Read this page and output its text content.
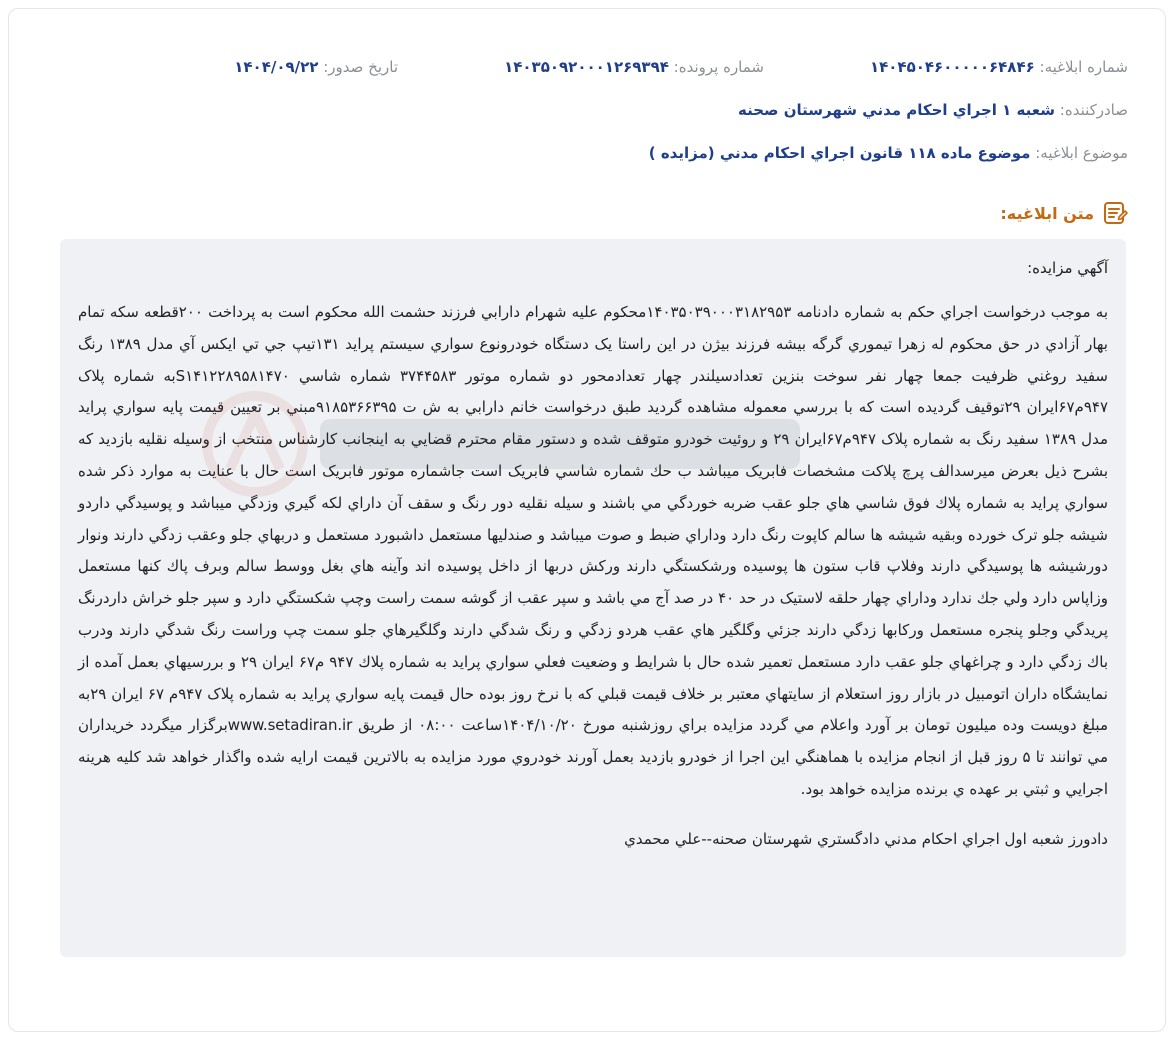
شماره ابلاغيه: ۱۴۰۴۵۰۴۶۰۰۰۰۰۶۴۸۴۶
شماره پرونده: ۱۴۰۳۵۰۹۲۰۰۰۱۲۶۹۳۹۴
تاريخ صدور: ۱۴۰۴/۰۹/۲۲
صادرکننده: شعبه ۱ اجراي احکام مدني شهرستان صحنه
موضوع ابلاغيه: موضوع ماده ۱۱۸ قانون اجراي احکام مدني (مزايده )
متن ابلاغيه:
آگهي مزايده:

به موجب درخواست اجراي حکم به شماره دادنامه ۱۴۰۳۵۰۳۹۰۰۰۳۱۸۲۹۵۳محکوم عليه شهرام دارابي فرزند حشمت الله محکوم است به پرداخت ۲۰۰قطعه سکه تمام بهار آزادي در حق محکوم له زهرا تيموري گرگه بيشه فرزند بيژن در اين راستا يک دستگاه خودرونوع سواري سيستم پرايد ۱۳۱تيپ جي تي ايکس آي مدل ۱۳۸۹ رنگ سفيد روغني ظرفيت جمعا چهار نفر سوخت بنزين تعدادسيلندر چهار تعدادمحور دو شماره موتور ۳۷۴۴۵۸۳ شماره شاسي S۱۴۱۲۲۸۹۵۸۱۴۷۰به شماره پلاک ۹۴۷م۶۷ايران ۲۹توقيف گرديده است که با بررسي معموله مشاهده گرديد طبق درخواست خانم دارابي به ش ت ۹۱۸۵۳۶۶۳۹۵مبني بر تعيين قيمت پايه سواري پرايد مدل ۱۳۸۹ سفيد رنگ به شماره پلاک ۹۴۷م۶۷ايران ۲۹ و روئيت خودرو متوقف شده و دستور مقام محترم قضايي به اينجانب کارشناس منتخب از وسيله نقليه بازديد که بشرح ذيل بعرض ميرسدالف پرچ پلاکت مشخصات فابريک ميباشد ب حك شماره شاسي فابريک است جاشماره موتور فابريک است حال با عنايت به موارد ذکر شده سواري پرايد به شماره پلاك فوق شاسي هاي جلو عقب ضربه خوردگي مي باشند و سيله نقليه دور رنگ و سقف آن داراي لکه گيري وزدگي ميباشد و پوسيدگي داردو شيشه جلو ترک خورده وبقيه شيشه ها سالم کاپوت رنگ دارد وداراي ضبط و صوت ميباشد و صندليها مستعمل داشبورد مستعمل و دربهاي جلو وعقب زدگي دارند ونوار دورشيشه ها پوسيدگي دارند وفلاپ قاب ستون ها پوسيده ورشکستگي دارند ورکش دربها از داخل پوسيده اند وآينه هاي بغل ووسط سالم وبرف پاك كنها مستعمل وزاپاس دارد ولي جك ندارد وداراي چهار حلقه لاستيک در حد ۴۰ در صد آج مي باشد و سپر عقب از گوشه سمت راست وچپ شکستگي دارد و سپر جلو خراش داردرنگ پريدگي وجلو پنجره مستعمل ورکابها زدگي دارند جزئي وگلگير هاي عقب هردو زدگي و رنگ شدگي دارند وگلگيرهاي جلو سمت چپ وراست رنگ شدگي دارند ودرب باك زدگي دارد و چراغهاي جلو عقب دارد مستعمل تعمير شده حال با شرايط و وضعيت فعلي سواري پرايد به شماره پلاك ۹۴۷ م۶۷ ايران ۲۹ و بررسيهاي بعمل آمده از نمايشگاه داران اتومبيل در بازار روز استعلام از سايتهاي معتبر بر خلاف قيمت قبلي كه با نرخ روز بوده حال قيمت پايه سواري پرايد به شماره پلاک ۹۴۷م ۶۷ ايران ۲۹به مبلغ دويست وده ميليون تومان بر آورد واعلام مي گردد مزايده براي روزشنبه مورخ ۱۴۰۴/۱۰/۲۰ساعت ۰۸:۰۰ از طريق www.setadiran.irبرگزار ميگردد خريداران مي توانند تا ۵ روز قبل از انجام مزايده با هماهنگي اين اجرا از خودرو بازديد بعمل آورند خودروي مورد مزايده به بالاترين قيمت ارايه شده واگذار خواهد شد کليه هرينه اجرايي و ثبتي بر عهده ي برنده مزايده خواهد بود.

دادورز شعبه اول اجراي احکام مدني دادگستري شهرستان صحنه--علي محمدي
